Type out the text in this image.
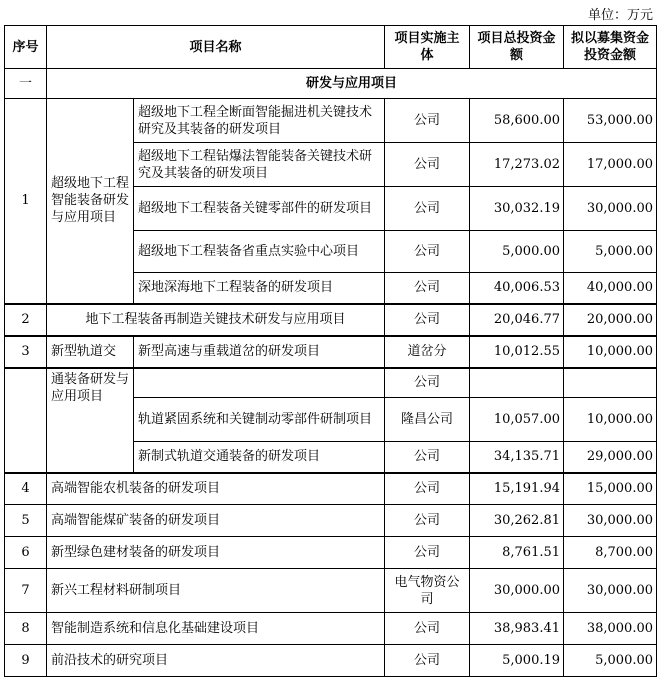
单位：万元
序号	项目名称		项目实施主体	项目总投资金额	拟以募集资金投资金额
一	研发与应用项目				
1	超级地下工程智能装备研发与应用项目	超级地下工程全断面智能掘进机关键技术研究及其装备的研发项目	公司	58,600.00	53,000.00
		超级地下工程钻爆法智能装备关键技术研究及其装备的研发项目	公司	17,273.02	17,000.00
		超级地下工程装备关键零部件的研发项目	公司	30,032.19	30,000.00
		超级地下工程装备省重点实验中心项目	公司	5,000.00	5,000.00
		深地深海地下工程装备的研发项目	公司	40,006.53	40,000.00
2	地下工程装备再制造关键技术研发与应用项目		公司	20,046.77	20,000.00
3	新型轨道交	新型高速与重载道岔的研发项目	道岔分	10,012.55	10,000.00
	通装备研发与应用项目		公司		
		轨道紧固系统和关键制动零部件研制项目	隆昌公司	10,057.00	10,000.00
		新制式轨道交通装备的研发项目	公司	34,135.71	29,000.00
4	高端智能农机装备的研发项目		公司	15,191.94	15,000.00
5	高端智能煤矿装备的研发项目		公司	30,262.81	30,000.00
6	新型绿色建材装备的研发项目		公司	8,761.51	8,700.00
7	新兴工程材料研制项目		电气物资公司	30,000.00	30,000.00
8	智能制造系统和信息化基础建设项目		公司	38,983.41	38,000.00
9	前沿技术的研究项目		公司	5,000.19	5,000.00
